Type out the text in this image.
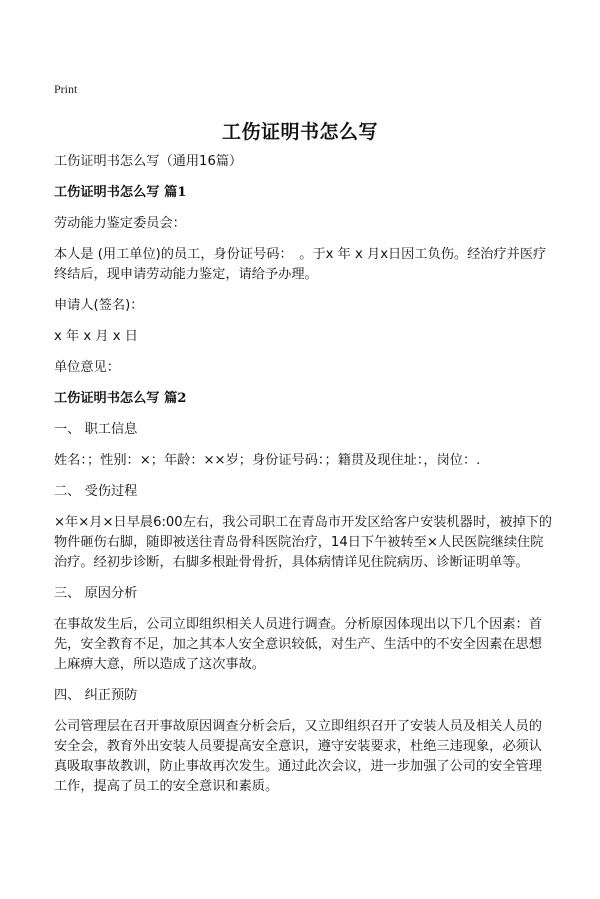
Print
工伤证明书怎么写

工伤证明书怎么写（通用16篇）

工伤证明书怎么写 篇1

劳动能力鉴定委员会：

本人是 (用工单位)的员工，身份证号码：　。于x 年 x 月x日因工负伤。经治疗并医疗终结后，现申请劳动能力鉴定，请给予办理。

申请人(签名)：

x 年 x 月 x 日

单位意见：

工伤证明书怎么写 篇2

一、 职工信息

姓名：；性别：×；年龄：××岁；身份证号码：；籍贯及现住址：，岗位：.

二、 受伤过程

×年×月×日早晨6:00左右，我公司职工在青岛市开发区给客户安装机器时，被掉下的物件砸伤右脚，随即被送往青岛骨科医院治疗，14日下午被转至×人民医院继续住院治疗。经初步诊断，右脚多根趾骨骨折，具体病情详见住院病历、诊断证明单等。

三、 原因分析

在事故发生后，公司立即组织相关人员进行调查。分析原因体现出以下几个因素：首先，安全教育不足，加之其本人安全意识较低，对生产、生活中的不安全因素在思想上麻痹大意，所以造成了这次事故。

四、 纠正预防

公司管理层在召开事故原因调查分析会后，又立即组织召开了安装人员及相关人员的安全会，教育外出安装人员要提高安全意识，遵守安装要求，杜绝三违现象，必须认真吸取事故教训，防止事故再次发生。通过此次会议，进一步加强了公司的安全管理工作，提高了员工的安全意识和素质。
